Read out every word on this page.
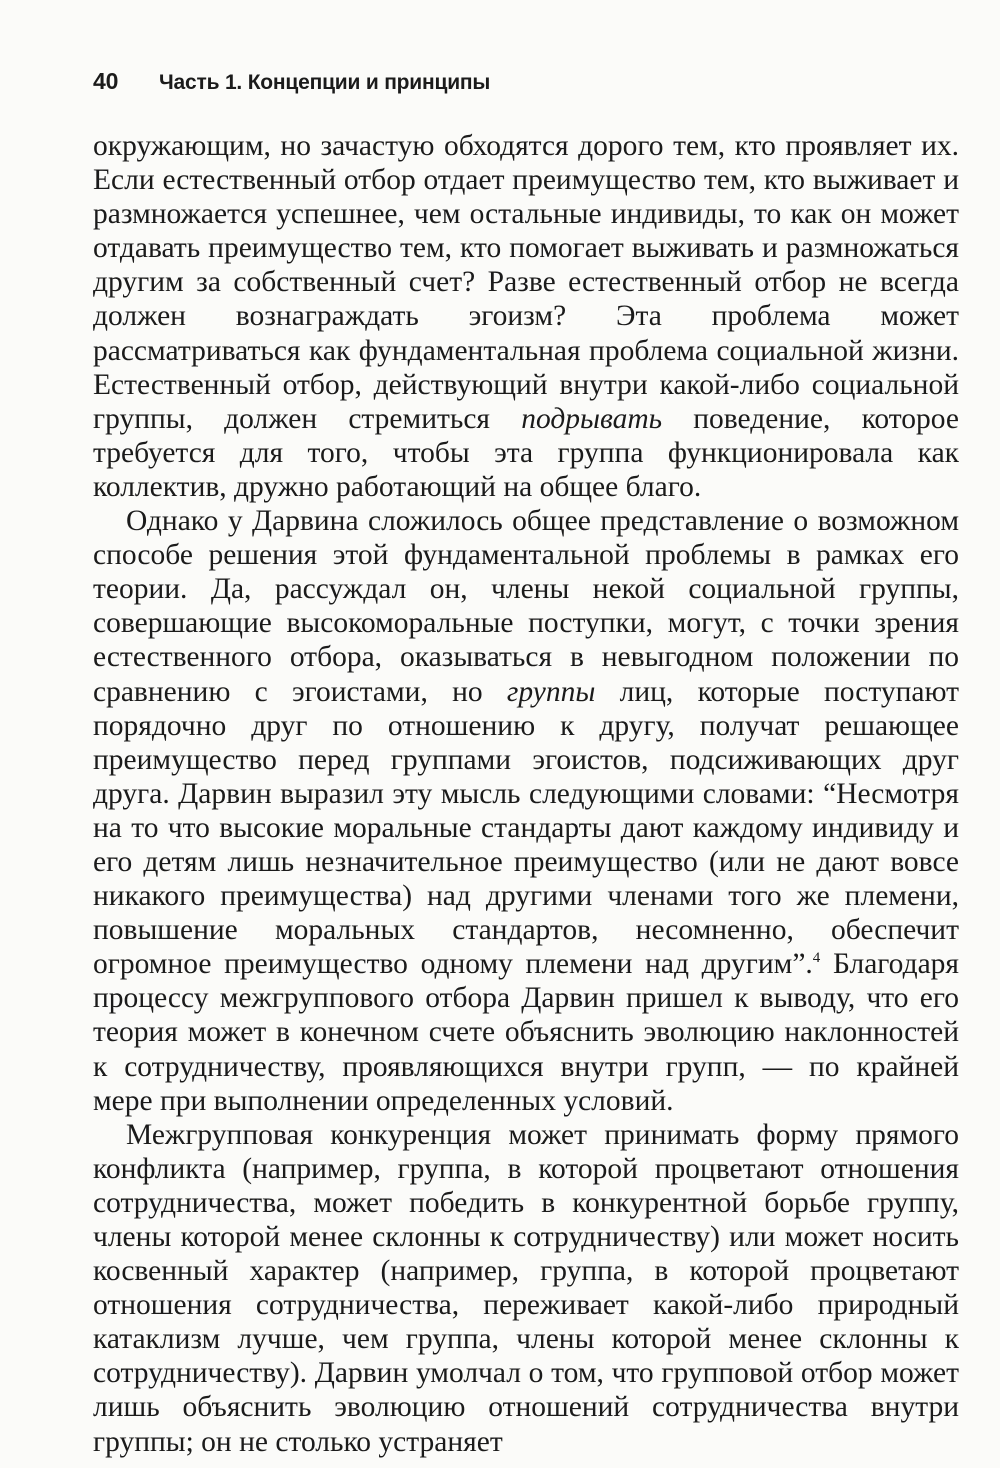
40 Часть 1. Концепции и принципы

окружающим, но зачастую обходятся дорого тем, кто проявляет их. Если естественный отбор отдает преимущество тем, кто выживает и размножается успешнее, чем остальные индивиды, то как он может отдавать преимущество тем, кто помогает выживать и размножаться другим за собственный счет? Разве естественный отбор не всегда должен вознаграждать эгоизм? Эта проблема может рассматриваться как фундаментальная проблема социальной жизни. Естественный отбор, действующий внутри какой-либо социальной группы, должен стремиться подрывать поведение, которое требуется для того, чтобы эта группа функционировала как коллектив, дружно работающий на общее благо.

Однако у Дарвина сложилось общее представление о возможном способе решения этой фундаментальной проблемы в рамках его теории. Да, рассуждал он, члены некой социальной группы, совершающие высокоморальные поступки, могут, с точки зрения естественного отбора, оказываться в невыгодном положении по сравнению с эгоистами, но группы лиц, которые поступают порядочно друг по отношению к другу, получат решающее преимущество перед группами эгоистов, подсиживающих друг друга. Дарвин выразил эту мысль следующими словами: “Несмотря на то что высокие моральные стандарты дают каждому индивиду и его детям лишь незначительное преимущество (или не дают вовсе никакого преимущества) над другими членами того же племени, повышение моральных стандартов, несомненно, обеспечит огромное преимущество одному племени над другим”.$^4$ Благодаря процессу межгруппового отбора Дарвин пришел к выводу, что его теория может в конечном счете объяснить эволюцию наклонностей к сотрудничеству, проявляющихся внутри групп, — по крайней мере при выполнении определенных условий.

Межгрупповая конкуренция может принимать форму прямого конфликта (например, группа, в которой процветают отношения сотрудничества, может победить в конкурентной борьбе группу, члены которой менее склонны к сотрудничеству) или может носить косвенный характер (например, группа, в которой процветают отношения сотрудничества, переживает какой-либо природный катаклизм лучше, чем группа, члены которой менее склонны к сотрудничеству). Дарвин умолчал о том, что групповой отбор может лишь объяснить эволюцию отношений сотрудничества внутри группы; он не столько устраняет
